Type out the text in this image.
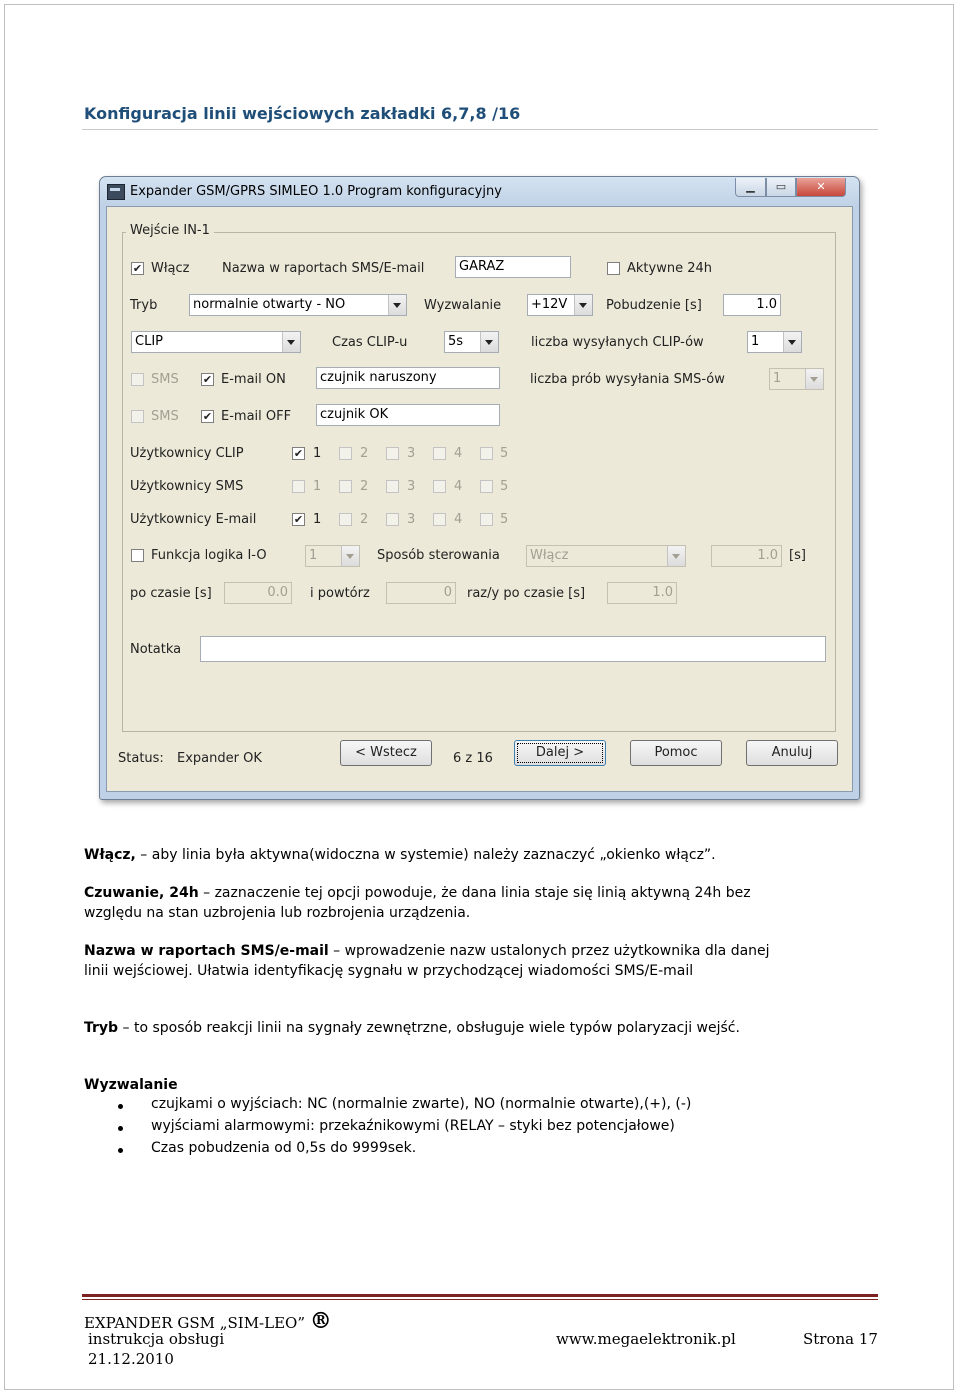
Konfiguracja linii wejściowych zakładki 6,7,8 /16
Expander GSM/GPRS SIMLEO 1.0 Program konfiguracyjny	▁	▭	✕
Wejście IN-1
✔ Włącz	Nazwa w raportach SMS/E-mail	GARAZ	Aktywne 24h
Tryb	normalnie otwarty - NO	Wyzwalanie	+12V	Pobudzenie [s]	1.0
CLIP	Czas CLIP-u	5s	liczba wysyłanych CLIP-ów	1
SMS ✔ E-mail ON	czujnik naruszony	liczba prób wysyłania SMS-ów	1
SMS ✔ E-mail OFF	czujnik OK
Użytkownicy CLIP	✔ 1	2	3	4	5
Użytkownicy SMS	1	2	3	4	5
Użytkownicy E-mail	✔ 1	2	3	4	5
Funkcja logika I-O	1	Sposób sterowania	Włącz	1.0 [s]
po czasie [s]	0.0	i powtórz	0	raz/y po czasie [s]	1.0
Notatka
Status: Expander OK	< Wstecz	6 z 16	Dalej >	Pomoc	Anuluj
Włącz, – aby linia była aktywna(widoczna w systemie) należy zaznaczyć „okienko włącz”.
Czuwanie, 24h – zaznaczenie tej opcji powoduje, że dana linia staje się linią aktywną 24h bez
względu na stan uzbrojenia lub rozbrojenia urządzenia.
Nazwa w raportach SMS/e-mail – wprowadzenie nazw ustalonych przez użytkownika dla danej
linii wejściowej. Ułatwia identyfikację sygnału w przychodzącej wiadomości SMS/E-mail
Tryb – to sposób reakcji linii na sygnały zewnętrzne, obsługuje wiele typów polaryzacji wejść.
Wyzwalanie
czujkami o wyjściach: NC (normalnie zwarte), NO (normalnie otwarte),(+), (-)
wyjściami alarmowymi: przekaźnikowymi (RELAY – styki bez potencjałowe)
Czas pobudzenia od 0,5s do 9999sek.
EXPANDER GSM „SIM-LEO” ®
instrukcja obsługi
21.12.2010
www.megaelektronik.pl	Strona 17
